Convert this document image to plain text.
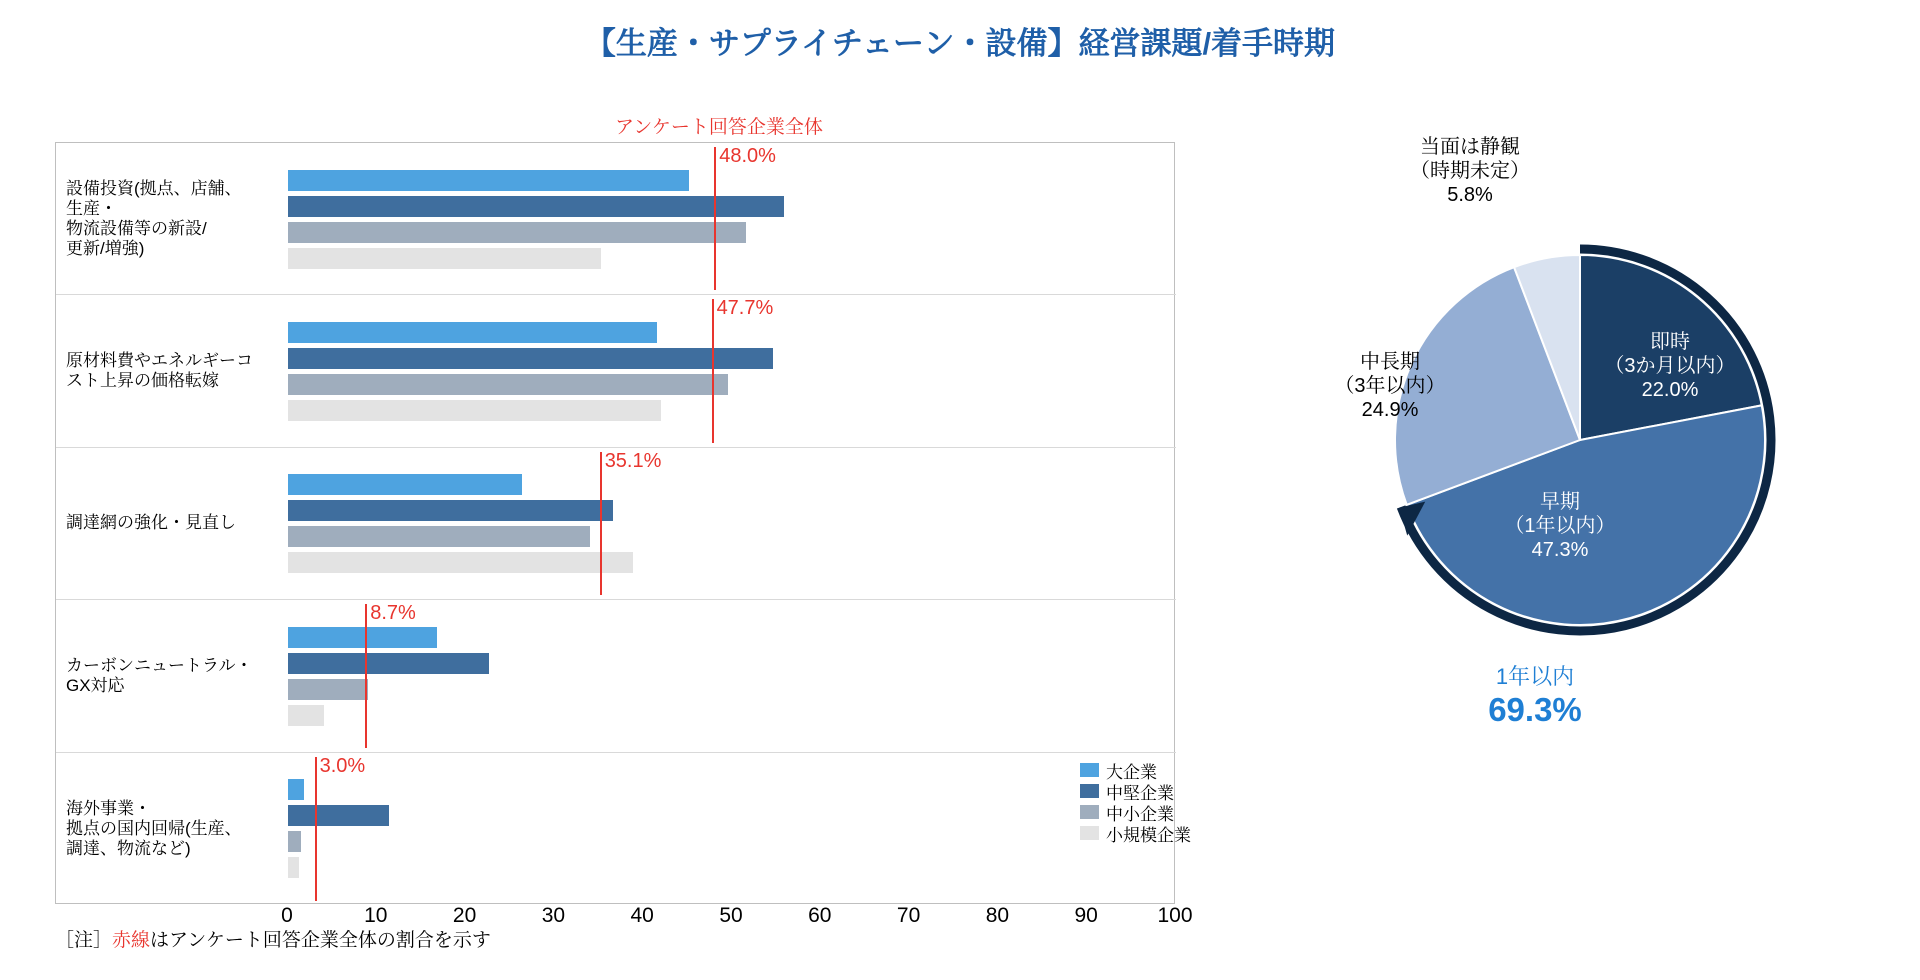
【生産・サプライチェーン・設備】経営課題/着手時期
アンケート回答企業全体
設備投資(拠点、店舗、
生産・
物流設備等の新設/
更新/増強)
48.0%
原材料費やエネルギーコ
スト上昇の価格転嫁
47.7%
調達網の強化・見直し
35.1%
カーボンニュートラル・
GX対応
8.7%
海外事業・
拠点の国内回帰(生産、
調達、物流など)
3.0%
0	10	20	30	40	50	60	70	80	90	100
大企業
中堅企業
中小企業
小規模企業
［注］赤線はアンケート回答企業全体の割合を示す
即時
（3か月以内）
22.0%
早期
（1年以内）
47.3%
中長期
（3年以内）
24.9%
当面は静観
（時期未定）
5.8%
1年以内
69.3%
